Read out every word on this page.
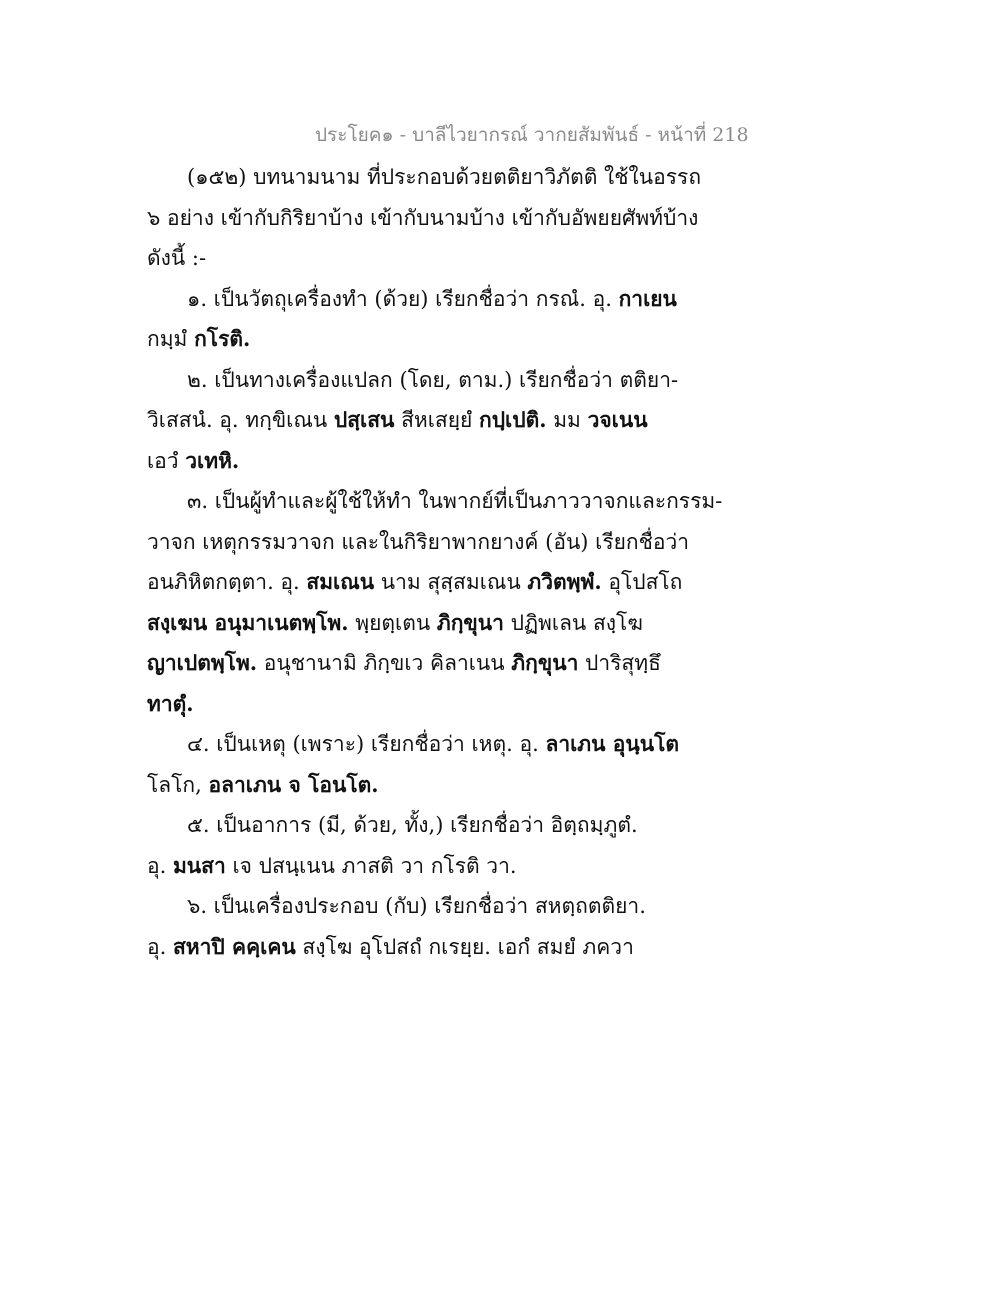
ประโยค๑ - บาลีไวยากรณ์ วากยสัมพันธ์ - หน้าที่ 218
(๑๕๒) บทนามนาม ที่ประกอบด้วยตติยาวิภัตติ ใช้ในอรรถ
๖ อย่าง เข้ากับกิริยาบ้าง เข้ากับนามบ้าง เข้ากับอัพยยศัพท์บ้าง
ดังนี้ :-
๑. เป็นวัตถุเครื่องทำ (ด้วย) เรียกชื่อว่า กรณํ. อุ. กาเยน
กมฺมํ กโรติ.
๒. เป็นทางเครื่องแปลก (โดย, ตาม.) เรียกชื่อว่า ตติยา-
วิเสสนํ. อุ. ทกฺขิเณน ปสฺเสน สีหเสยฺยํ กปฺเปติ. มม วจเนน
เอวํ วเทหิ.
๓. เป็นผู้ทำและผู้ใช้ให้ทำ ในพากย์ที่เป็นภาววาจกและกรรม-
วาจก เหตุกรรมวาจก และในกิริยาพากยางค์ (อัน) เรียกชื่อว่า
อนภิหิตกตฺตา. อุ. สมเณน นาม สุสฺสมเณน ภวิตพฺพํ. อุโปสโถ
สงฺเฆน อนุมาเนตพฺโพ. พฺยตฺเตน ภิกฺขุนา ปฏิพเลน สงฺโฆ
ญาเปตพฺโพ. อนุชานามิ ภิกฺขเว คิลาเนน ภิกฺขุนา ปาริสุทฺธึ
ทาตุํ.
๔. เป็นเหตุ (เพราะ) เรียกชื่อว่า เหตุ. อุ. ลาเภน อุนฺนโต
โลโก, อลาเภน จ โอนโต.
๕. เป็นอาการ (มี, ด้วย, ทั้ง,) เรียกชื่อว่า อิตฺถมฺภูตํ.
อุ. มนสา เจ ปสนฺเนน ภาสติ วา กโรติ วา.
๖. เป็นเครื่องประกอบ (กับ) เรียกชื่อว่า สหตฺถตติยา.
อุ. สหาปิ คคฺเคน สงฺโฆ อุโปสถํ กเรยฺย. เอกํ สมยํ ภควา
